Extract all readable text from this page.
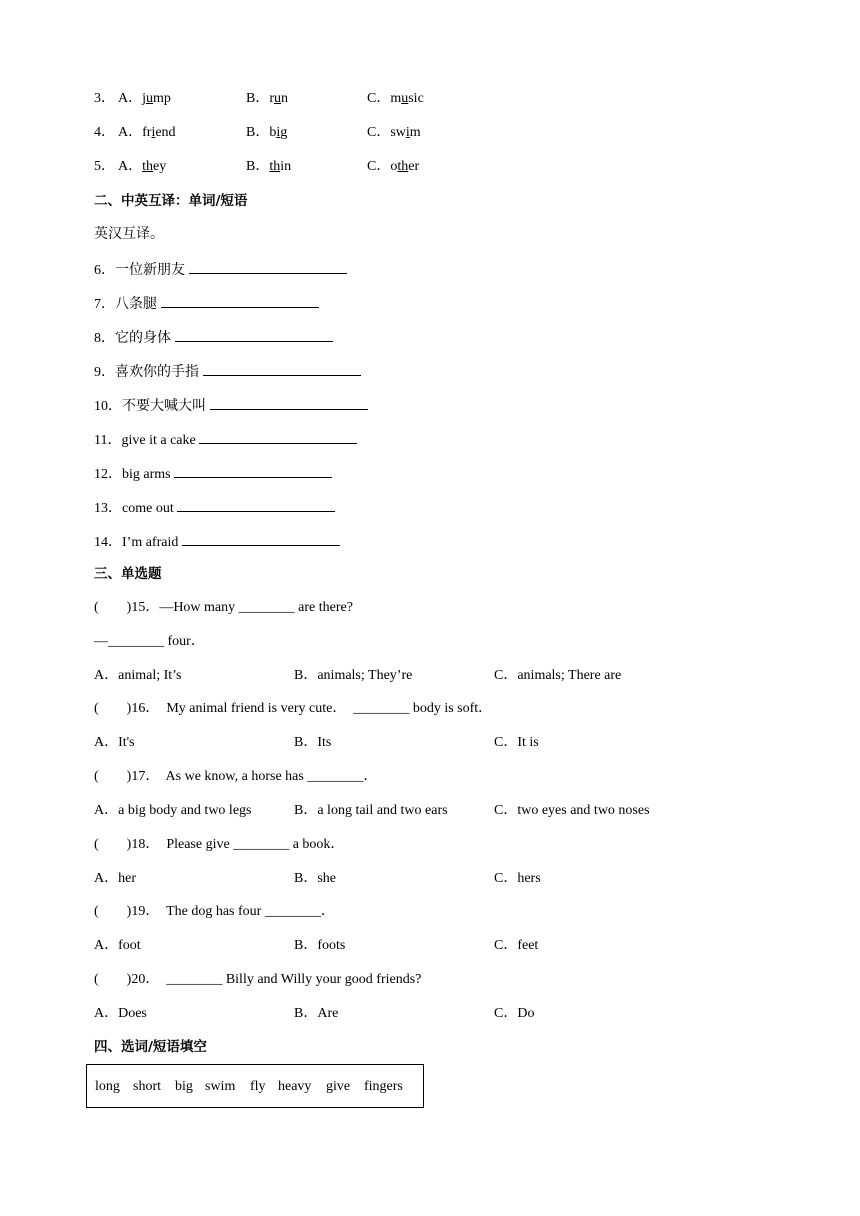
3． A．jump	B．run	C．music
4． A．friend	B．big	C．swim
5． A．they	B．thin	C．other
二、中英互译：单词/短语
英汉互译。
6．一位新朋友
7．八条腿
8．它的身体
9．喜欢你的手指
10．不要大喊大叫
11．give it a cake
12．big arms
13．come out
14．I’m afraid
三、单选题
(　　)15．—How many ________ are there?
—________ four．
A．animal; It’s	B．animals; They’re	C．animals; There are
(　　)16．  My animal friend is very cute．  ________ body is soft．
A．It's	B．Its	C．It is
(　　)17．  As we know, a horse has ________．
A．a big body and two legs	B．a long tail and two ears	C．two eyes and two noses
(　　)18．  Please give ________ a book．
A．her	B．she	C．hers
(　　)19．  The dog has four ________．
A．foot	B．foots	C．feet
(　　)20．  ________ Billy and Willy your good friends?
A．Does	B．Are	C．Do
四、选词/短语填空
long short big swim fly heavy give fingers
